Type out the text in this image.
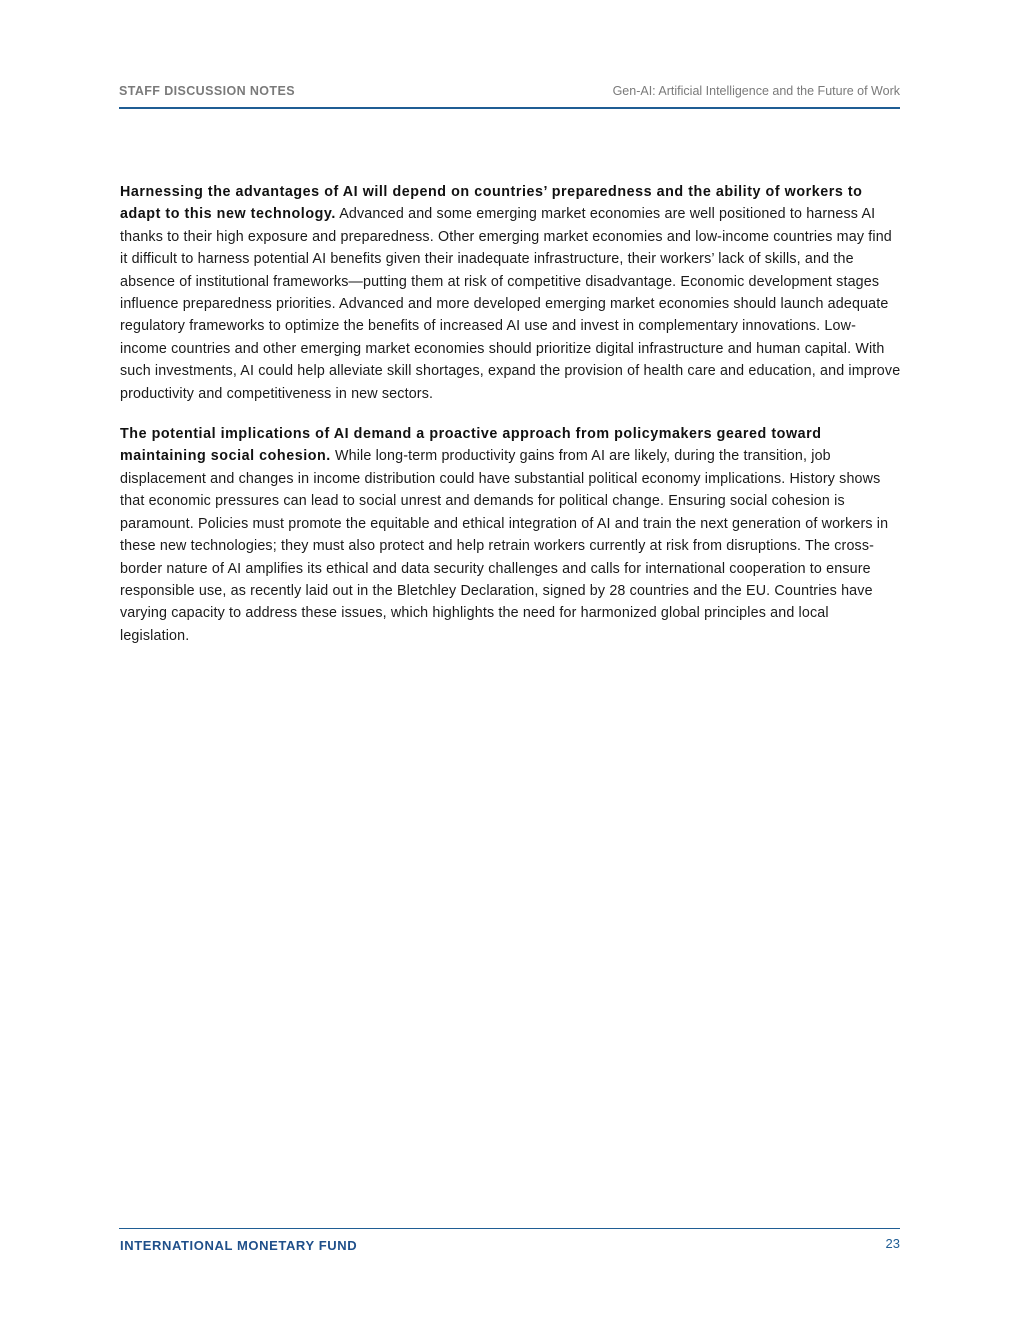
STAFF DISCUSSION NOTES	Gen-AI: Artificial Intelligence and the Future of Work

Harnessing the advantages of AI will depend on countries’ preparedness and the ability of workers to adapt to this new technology. Advanced and some emerging market economies are well positioned to harness AI thanks to their high exposure and preparedness. Other emerging market economies and low-income countries may find it difficult to harness potential AI benefits given their inadequate infrastructure, their workers’ lack of skills, and the absence of institutional frameworks—putting them at risk of competitive disadvantage. Economic development stages influence preparedness priorities. Advanced and more developed emerging market economies should launch adequate regulatory frameworks to optimize the benefits of increased AI use and invest in complementary innovations. Low-income countries and other emerging market economies should prioritize digital infrastructure and human capital. With such investments, AI could help alleviate skill shortages, expand the provision of health care and education, and improve productivity and competitiveness in new sectors.

The potential implications of AI demand a proactive approach from policymakers geared toward maintaining social cohesion. While long-term productivity gains from AI are likely, during the transition, job displacement and changes in income distribution could have substantial political economy implications. History shows that economic pressures can lead to social unrest and demands for political change. Ensuring social cohesion is paramount. Policies must promote the equitable and ethical integration of AI and train the next generation of workers in these new technologies; they must also protect and help retrain workers currently at risk from disruptions. The cross-border nature of AI amplifies its ethical and data security challenges and calls for international cooperation to ensure responsible use, as recently laid out in the Bletchley Declaration, signed by 28 countries and the EU. Countries have varying capacity to address these issues, which highlights the need for harmonized global principles and local legislation.

INTERNATIONAL MONETARY FUND	23
